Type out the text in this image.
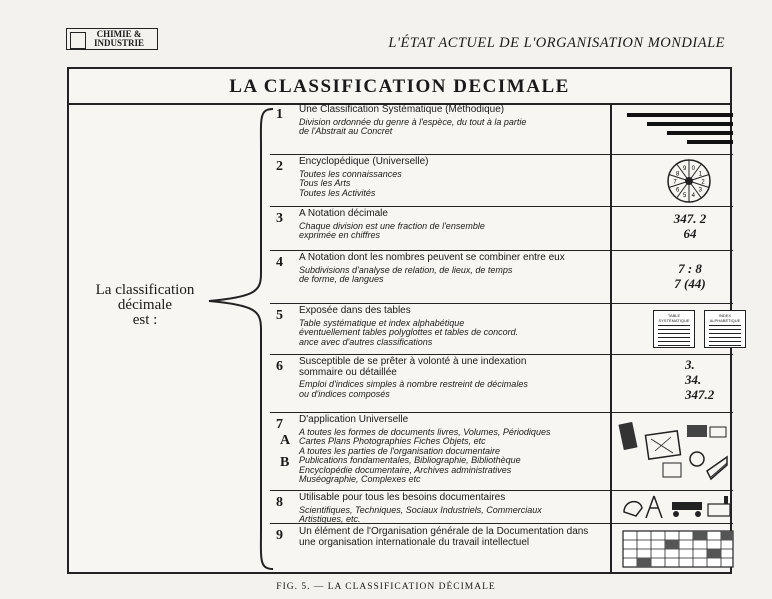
CHIMIE &
INDUSTRIE	L'ÉTAT ACTUEL DE L'ORGANISATION MONDIALE
LA CLASSIFICATION DECIMALE
La classification
décimale
est :
1 Une Classification Systématique (Méthodique)
Division ordonnée du genre à l'espèce, du tout à la partie
de l'Abstrait au Concret
2 Encyclopédique (Universelle)
Toutes les connaissances
Tous les Arts
Toutes les Activités
0
1
2
3
4
5
6
7
8
9
3 A Notation décimale
Chaque division est une fraction de l'ensemble
exprimée en chiffres
347. 2
64
4 A Notation dont les nombres peuvent se combiner entre eux
Subdivisions d'analyse de relation, de lieux, de temps
de forme, de langues
7 : 8
7 (44)
5 Exposée dans des tables
Table systématique et index alphabétique
éventuellement tables polyglottes et tables de concord.
ance avec d'autres classifications
TABLE SYSTÉMATIQUE
INDEX ALPHABÉTIQUE
6 Susceptible de se prêter à volonté à une indexation sommaire ou détaillée
Emploi d'indices simples à nombre restreint de décimales
ou d'indices composés
3.
34.
347.2
7
A
B
D'application Universelle
A toutes les formes de documents livres, Volumes, Périodiques
Cartes Plans Photographies Fiches Objets, etc
A toutes les parties de l'organisation documentaire
Publications fondamentales, Bibliographie, Bibliothèque
Encyclopédie documentaire, Archives administratives
Muséographie, Complexes etc
8 Utilisable pour tous les besoins documentaires
Scientifiques, Techniques, Sociaux Industriels, Commerciaux
Artistiques, etc.
9 Un élément de l'Organisation générale de la Documentation dans une organisation internationale du travail intellectuel
FIG. 5. — LA CLASSIFICATION DÉCIMALE
